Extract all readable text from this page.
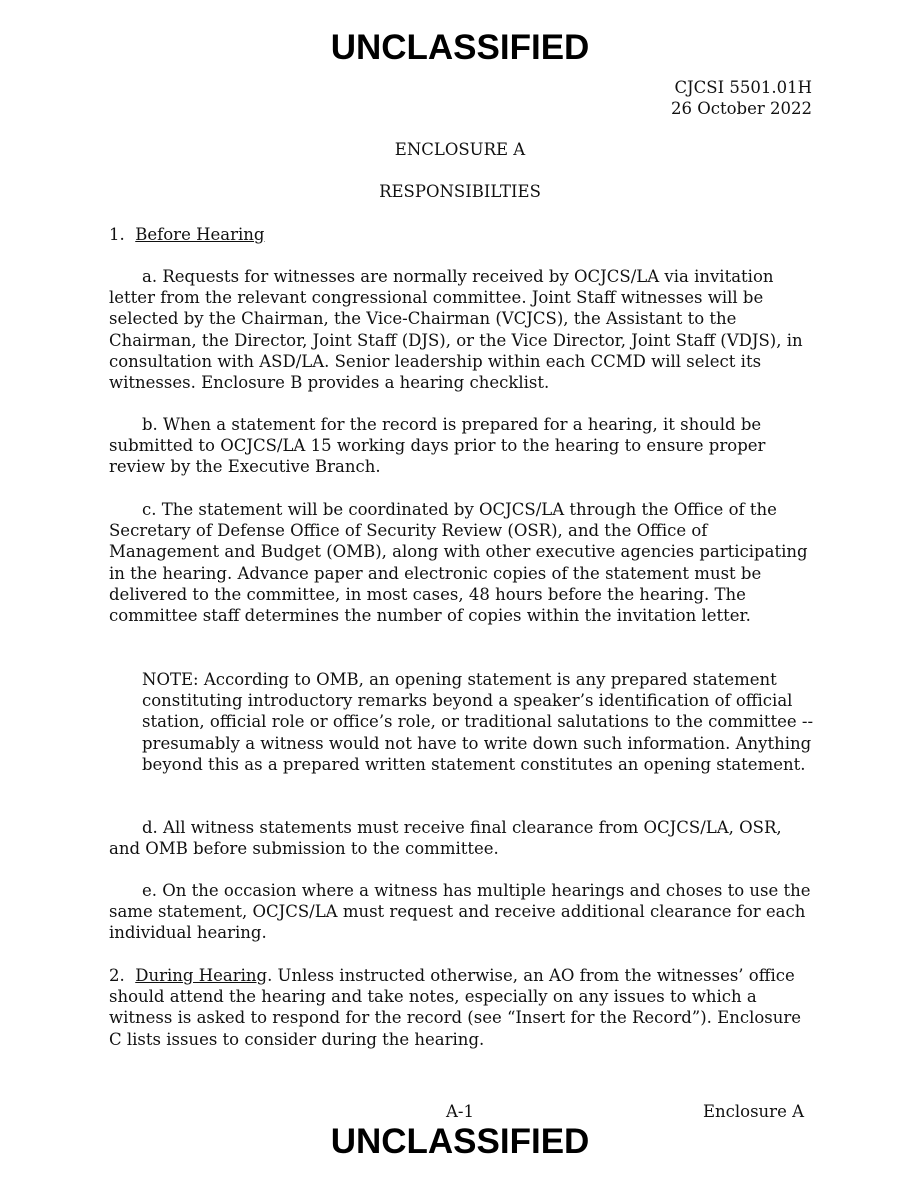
UNCLASSIFIED
CJCSI 5501.01H
26 October 2022
ENCLOSURE A
RESPONSIBILTIES
1. Before Hearing
a. Requests for witnesses are normally received by OCJCS/LA via invitation letter from the relevant congressional committee. Joint Staff witnesses will be selected by the Chairman, the Vice-Chairman (VCJCS), the Assistant to the Chairman, the Director, Joint Staff (DJS), or the Vice Director, Joint Staff (VDJS), in consultation with ASD/LA. Senior leadership within each CCMD will select its witnesses. Enclosure B provides a hearing checklist.
b. When a statement for the record is prepared for a hearing, it should be submitted to OCJCS/LA 15 working days prior to the hearing to ensure proper review by the Executive Branch.
c. The statement will be coordinated by OCJCS/LA through the Office of the Secretary of Defense Office of Security Review (OSR), and the Office of Management and Budget (OMB), along with other executive agencies participating in the hearing. Advance paper and electronic copies of the statement must be delivered to the committee, in most cases, 48 hours before the hearing. The committee staff determines the number of copies within the invitation letter.
NOTE: According to OMB, an opening statement is any prepared statement constituting introductory remarks beyond a speaker’s identification of official station, official role or office’s role, or traditional salutations to the committee -- presumably a witness would not have to write down such information. Anything beyond this as a prepared written statement constitutes an opening statement.
d. All witness statements must receive final clearance from OCJCS/LA, OSR, and OMB before submission to the committee.
e. On the occasion where a witness has multiple hearings and choses to use the same statement, OCJCS/LA must request and receive additional clearance for each individual hearing.
2. During Hearing. Unless instructed otherwise, an AO from the witnesses’ office should attend the hearing and take notes, especially on any issues to which a witness is asked to respond for the record (see “Insert for the Record”). Enclosure C lists issues to consider during the hearing.
A-1	Enclosure A
UNCLASSIFIED
